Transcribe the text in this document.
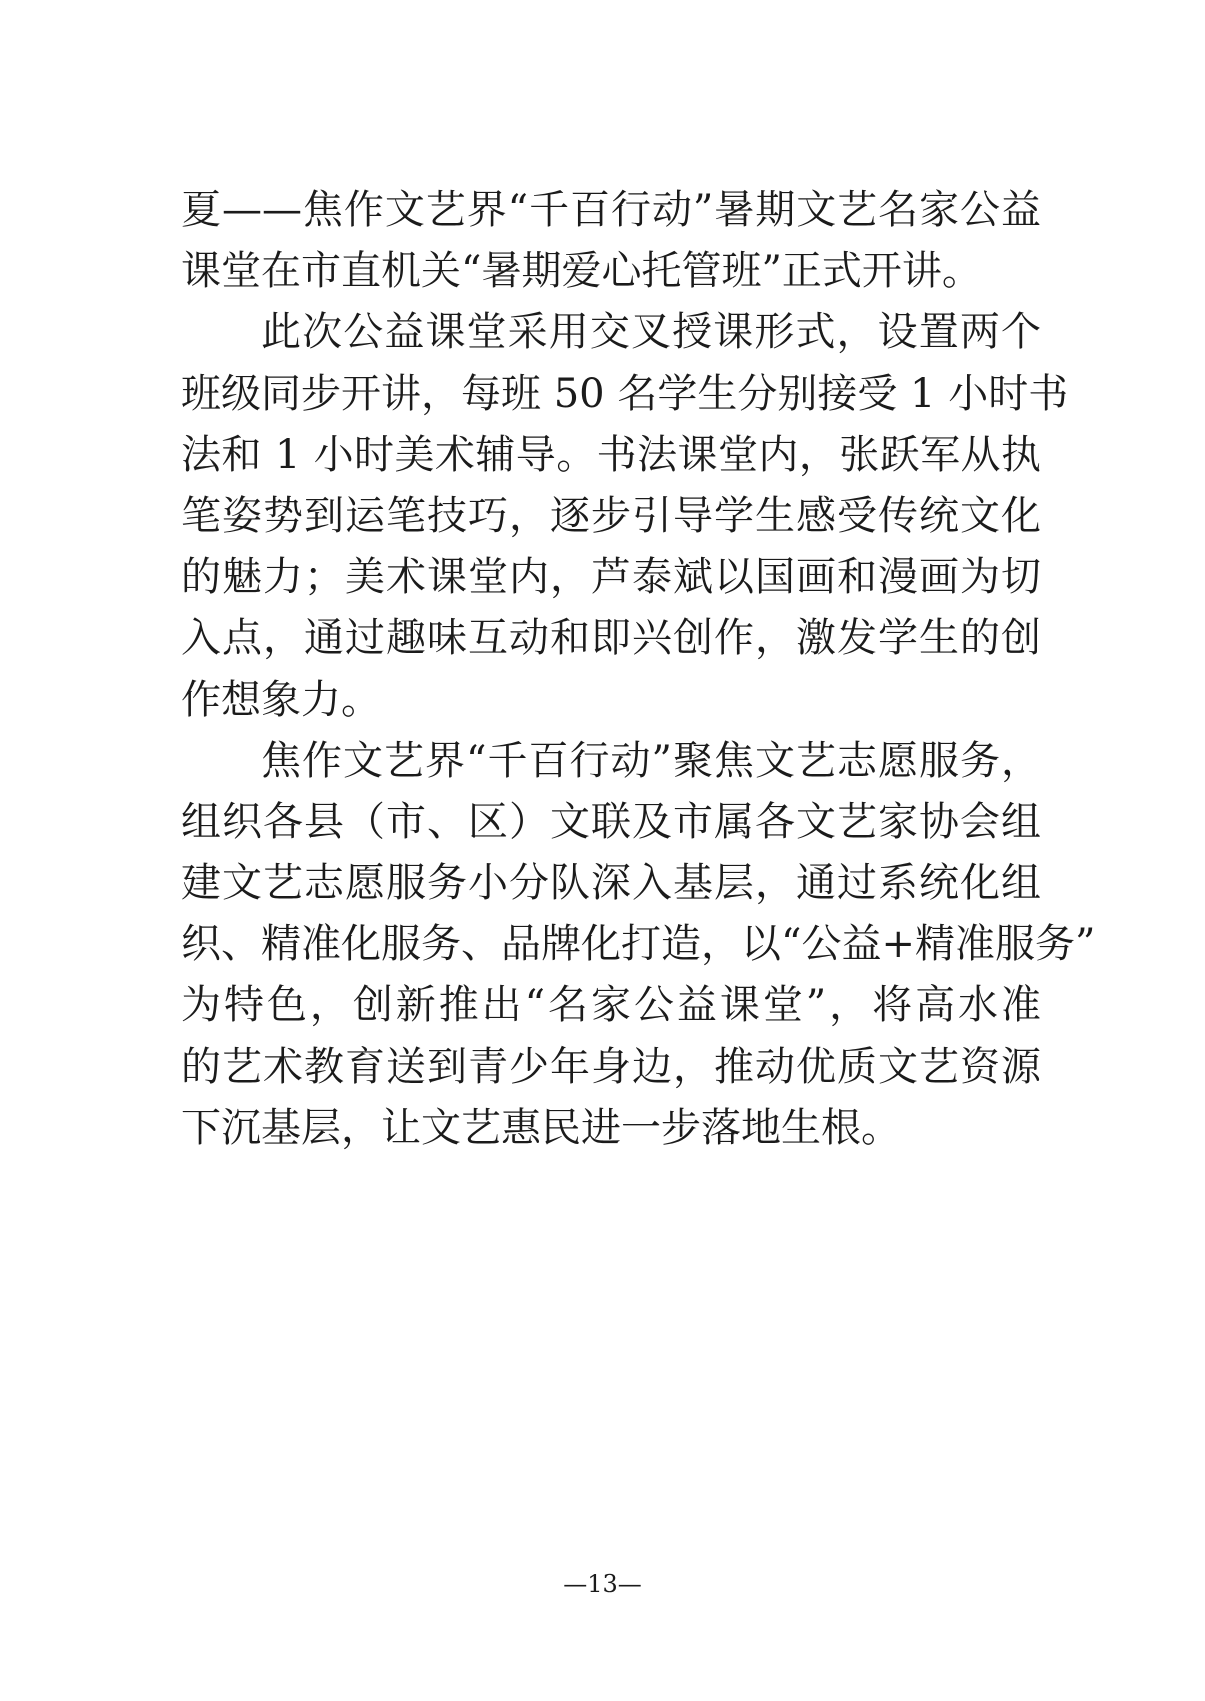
夏——焦作文艺界“千百行动”暑期文艺名家公益
课堂在市直机关“暑期爱心托管班”正式开讲。
此次公益课堂采用交叉授课形式，设置两个
班级同步开讲，每班 50 名学生分别接受 1 小时书
法和 1 小时美术辅导。书法课堂内，张跃军从执
笔姿势到运笔技巧，逐步引导学生感受传统文化
的魅力；美术课堂内，芦泰斌以国画和漫画为切
入点，通过趣味互动和即兴创作，激发学生的创
作想象力。
焦作文艺界“千百行动”聚焦文艺志愿服务，
组织各县（市、区）文联及市属各文艺家协会组
建文艺志愿服务小分队深入基层，通过系统化组
织、精准化服务、品牌化打造，以“公益+精准服务”
为特色，创新推出“名家公益课堂”，将高水准
的艺术教育送到青少年身边，推动优质文艺资源
下沉基层，让文艺惠民进一步落地生根。
—13—
